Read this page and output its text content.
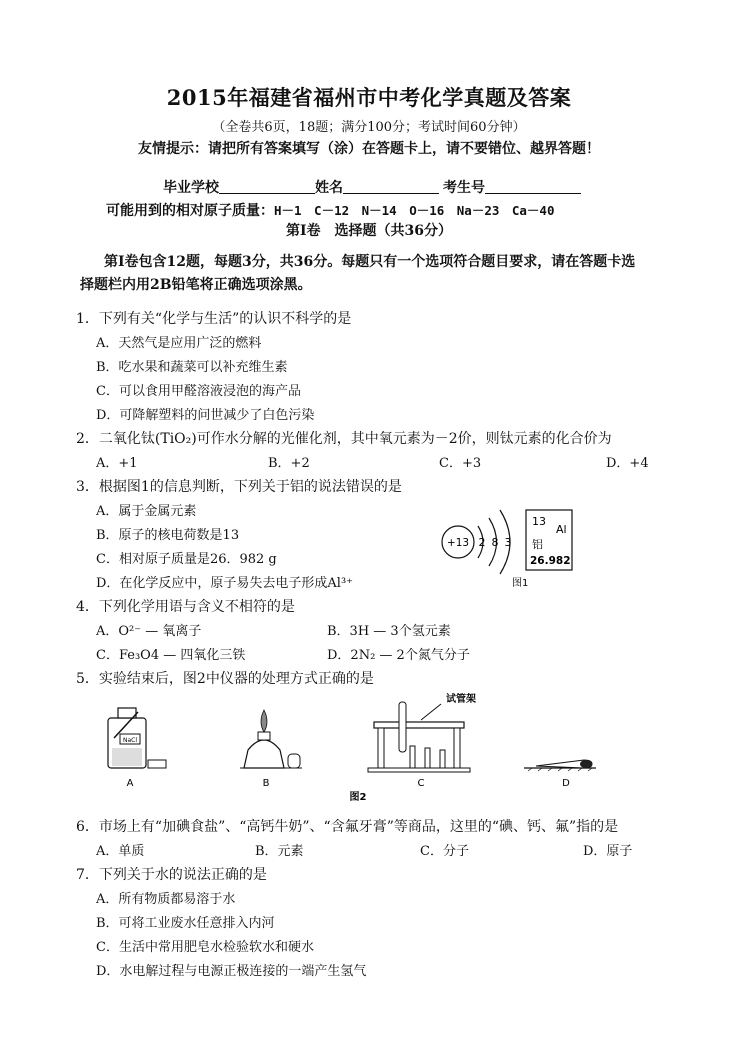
2015年福建省福州市中考化学真题及答案
（全卷共6页，18题；满分100分；考试时间60分钟）
友情提示：请把所有答案填写（涂）在答题卡上，请不要错位、越界答题！
毕业学校	姓名	考生号
可能用到的相对原子质量：H－1　C－12　N－14　O－16　Na－23　Ca－40
第Ⅰ卷　选择题（共36分）
第Ⅰ卷包含12题，每题3分，共36分。每题只有一个选项符合题目要求，请在答题卡选
择题栏内用2B铅笔将正确选项涂黑。
1．下列有关“化学与生活”的认识不科学的是
A．天然气是应用广泛的燃料
B．吃水果和蔬菜可以补充维生素
C．可以食用甲醛溶液浸泡的海产品
D．可降解塑料的问世减少了白色污染
2．二氧化钛(TiO₂)可作水分解的光催化剂，其中氧元素为－2价，则钛元素的化合价为
A．+1	B．+2	C．+3	D．+4
3．根据图1的信息判断，下列关于铝的说法错误的是
A．属于金属元素
B．原子的核电荷数是13
C．相对原子质量是26．982 g
D．在化学反应中，原子易失去电子形成Al³⁺
+13 2 8 3
13
Al
铝
26.982
图1
4．下列化学用语与含义不相符的是
A．O²⁻ — 氧离子	B．3H — 3个氢元素
C．Fe₃O4 — 四氧化三铁	D．2N₂ — 2个氮气分子
5．实验结束后，图2中仪器的处理方式正确的是
NaCl
A	B
试管架
C	D
图2
6．市场上有“加碘食盐”、“高钙牛奶”、“含氟牙膏”等商品，这里的“碘、钙、氟”指的是
A．单质	B．元素	C．分子	D．原子
7．下列关于水的说法正确的是
A．所有物质都易溶于水
B．可将工业废水任意排入内河
C．生活中常用肥皂水检验软水和硬水
D．水电解过程与电源正极连接的一端产生氢气
